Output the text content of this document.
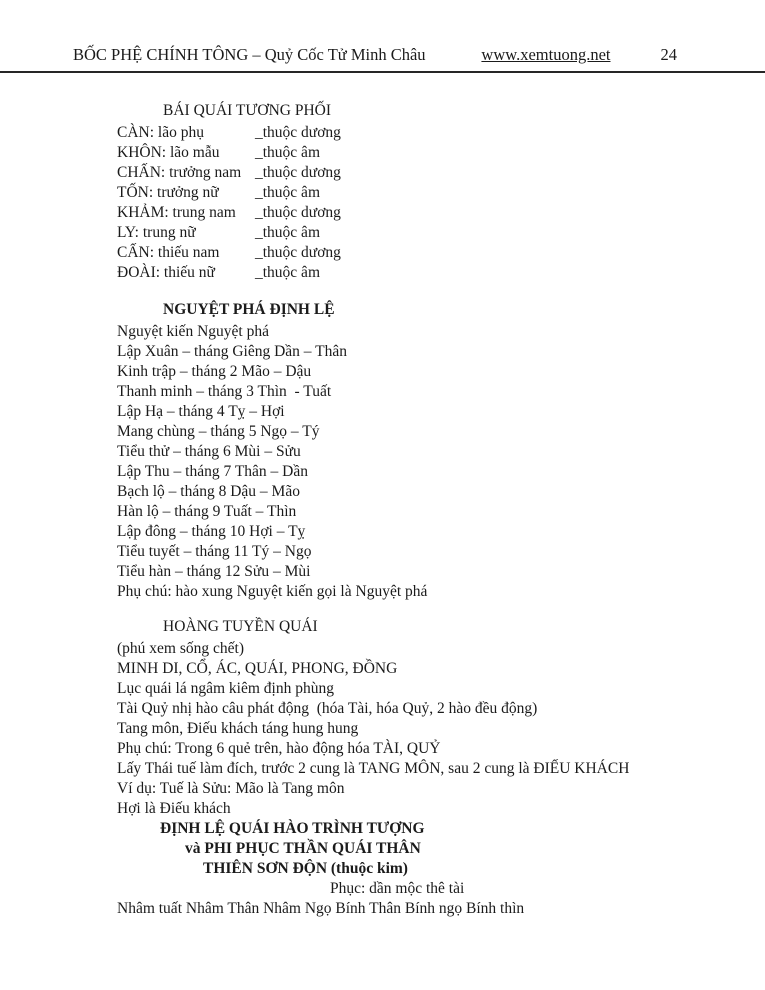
BỐC PHỆ CHÍNH TÔNG – Quỷ Cốc Tử Minh Châu	www.xemtuong.net	24
BÁI QUÁI TƯƠNG PHỐI
CÀN: lão phụ	_thuộc dương
KHÔN: lão mẫu	_thuộc âm
CHẤN: trưởng nam _thuộc dương
TỐN: trưởng nữ	_thuộc âm
KHẢM: trung nam	_thuộc dương
LY: trung nữ	_thuộc âm
CẤN: thiếu nam	_thuộc dương
ĐOÀI: thiếu nữ	_thuộc âm
NGUYỆT PHÁ ĐỊNH LỆ
Nguyệt kiến Nguyệt phá
Lập Xuân – tháng Giêng Dần – Thân
Kinh trập – tháng 2 Mão – Dậu
Thanh minh – tháng 3 Thìn  - Tuất
Lập Hạ – tháng 4 Tỵ – Hợi
Mang chùng – tháng 5 Ngọ – Tý
Tiểu thử – tháng 6 Mùi – Sửu
Lập Thu – tháng 7 Thân – Dần
Bạch lộ – tháng 8 Dậu – Mão
Hàn lộ – tháng 9 Tuất – Thìn
Lập đông – tháng 10 Hợi – Tỵ
Tiểu tuyết – tháng 11 Tý – Ngọ
Tiểu hàn – tháng 12 Sửu – Mùi
Phụ chú: hào xung Nguyệt kiến gọi là Nguyệt phá
HOÀNG TUYỀN QUÁI
(phú xem sống chết)
MINH DI, CỔ, ÁC, QUÁI, PHONG, ĐỒNG
Lục quái lá ngâm kiêm định phùng
Tài Quỷ nhị hào câu phát động  (hóa Tài, hóa Quỷ, 2 hào đều động)
Tang môn, Điếu khách táng hung hung
Phụ chú: Trong 6 quẻ trên, hào động hóa TÀI, QUỶ
Lấy Thái tuế làm đích, trước 2 cung là TANG MÔN, sau 2 cung là ĐIẾU KHÁCH
Ví dụ: Tuế là Sửu: Mão là Tang môn
Hợi là Điếu khách
ĐỊNH LỆ QUÁI HÀO TRÌNH TƯỢNG
và PHI PHỤC THẦN QUÁI THÂN
THIÊN SƠN ĐỘN (thuộc kim)
Phục: dần mộc thê tài
Nhâm tuất Nhâm Thân Nhâm Ngọ Bính Thân Bính ngọ Bính thìn
